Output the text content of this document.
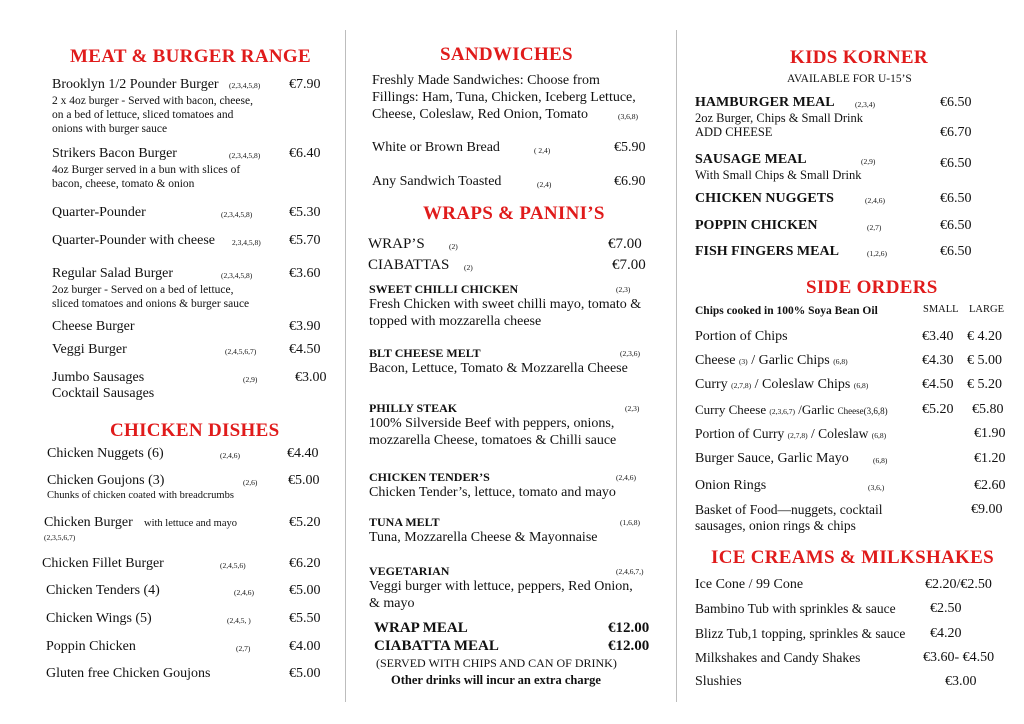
MEAT & BURGER RANGE
Brooklyn 1/2 Pounder Burger (2,3,4,5,8) €7.90
2 x 4oz burger - Served with bacon, cheese,
on a bed of lettuce, sliced tomatoes and
onions with burger sauce
Strikers Bacon Burger	(2,3,4,5,8) €6.40
4oz Burger served in a bun with slices of
bacon, cheese, tomato & onion
Quarter-Pounder	(2,3,4,5,8)	€5.30
Quarter-Pounder with cheese 2,3,4,5,8) €5.70
Regular Salad Burger	(2,3,4,5,8)	€3.60
2oz burger - Served on a bed of lettuce,
sliced tomatoes and onions & burger sauce
Cheese Burger	€3.90
Veggi Burger	(2,4,5,6,7) €4.50
Jumbo Sausages	(2,9)	€3.00
Cocktail Sausages
CHICKEN DISHES
Chicken Nuggets (6)	(2,4,6)	€4.40
Chicken Goujons (3)	(2,6) €5.00
Chunks of chicken coated with breadcrumbs
Chicken Burger with lettuce and mayo
(2,3,5,6,7)
€5.20
Chicken Fillet Burger	(2,4,5,6)	€6.20
Chicken Tenders (4)	(2,4,6)	€5.00
Chicken Wings (5)	(2,4,5, )	€5.50
Poppin Chicken	(2,7)	€4.00
Gluten free Chicken Goujons	€5.00
SANDWICHES
Freshly Made Sandwiches: Choose from
Fillings: Ham, Tuna, Chicken, Iceberg Lettuce,
Cheese, Coleslaw, Red Onion, Tomato	(3,6,8)
White or Brown Bread	( 2,4)	€5.90
Any Sandwich Toasted	(2,4)	€6.90
WRAPS & PANINI’S
WRAP’S	(2)	€7.00
CIABATTAS (2)	€7.00
SWEET CHILLI CHICKEN	(2,3)
Fresh Chicken with sweet chilli mayo, tomato &
topped with mozzarella cheese
BLT CHEESE MELT	(2,3,6)
Bacon, Lettuce, Tomato & Mozzarella Cheese
PHILLY STEAK	(2,3)
100% Silverside Beef with peppers, onions,
mozzarella Cheese, tomatoes & Chilli sauce
CHICKEN TENDER’S	(2,4,6)
Chicken Tender’s, lettuce, tomato and mayo
TUNA MELT	(1,6,8)
Tuna, Mozzarella Cheese & Mayonnaise
VEGETARIAN	(2,4,6,7,)
Veggi burger with lettuce, peppers, Red Onion,
& mayo
WRAP MEAL	€12.00
CIABATTA MEAL	€12.00
(SERVED WITH CHIPS AND CAN OF DRINK)
Other drinks will incur an extra charge
KIDS KORNER
AVAILABLE FOR U-15’S
HAMBURGER MEAL	(2,3,4)	€6.50
2oz Burger, Chips & Small Drink
ADD CHEESE	€6.70
SAUSAGE MEAL	(2,9)	€6.50
With Small Chips & Small Drink
CHICKEN NUGGETS	(2,4,6)	€6.50
POPPIN CHICKEN	(2,7)	€6.50
FISH FINGERS MEAL	(1,2,6)	€6.50
SIDE ORDERS
Chips cooked in 100% Soya Bean Oil	SMALL LARGE
Portion of Chips	€3.40 € 4.20
Cheese (3) / Garlic Chips (6,8)	€4.30 € 5.00
Curry (2,7,8) / Coleslaw Chips (6,8)	€4.50 € 5.20
Curry Cheese (2,3,6,7) /Garlic Cheese(3,6,8) €5.20 €5.80
Portion of Curry (2,7,8) / Coleslaw (6,8)	€1.90
Burger Sauce, Garlic Mayo	(6,8)	€1.20
Onion Rings	(3,6,)	€2.60
Basket of Food—nuggets, cocktail
sausages, onion rings & chips
€9.00
ICE CREAMS & MILKSHAKES
Ice Cone / 99 Cone	€2.20/€2.50
Bambino Tub with sprinkles & sauce €2.50
Blizz Tub,1 topping, sprinkles & sauce €4.20
Milkshakes and Candy Shakes	€3.60- €4.50
Slushies	€3.00
